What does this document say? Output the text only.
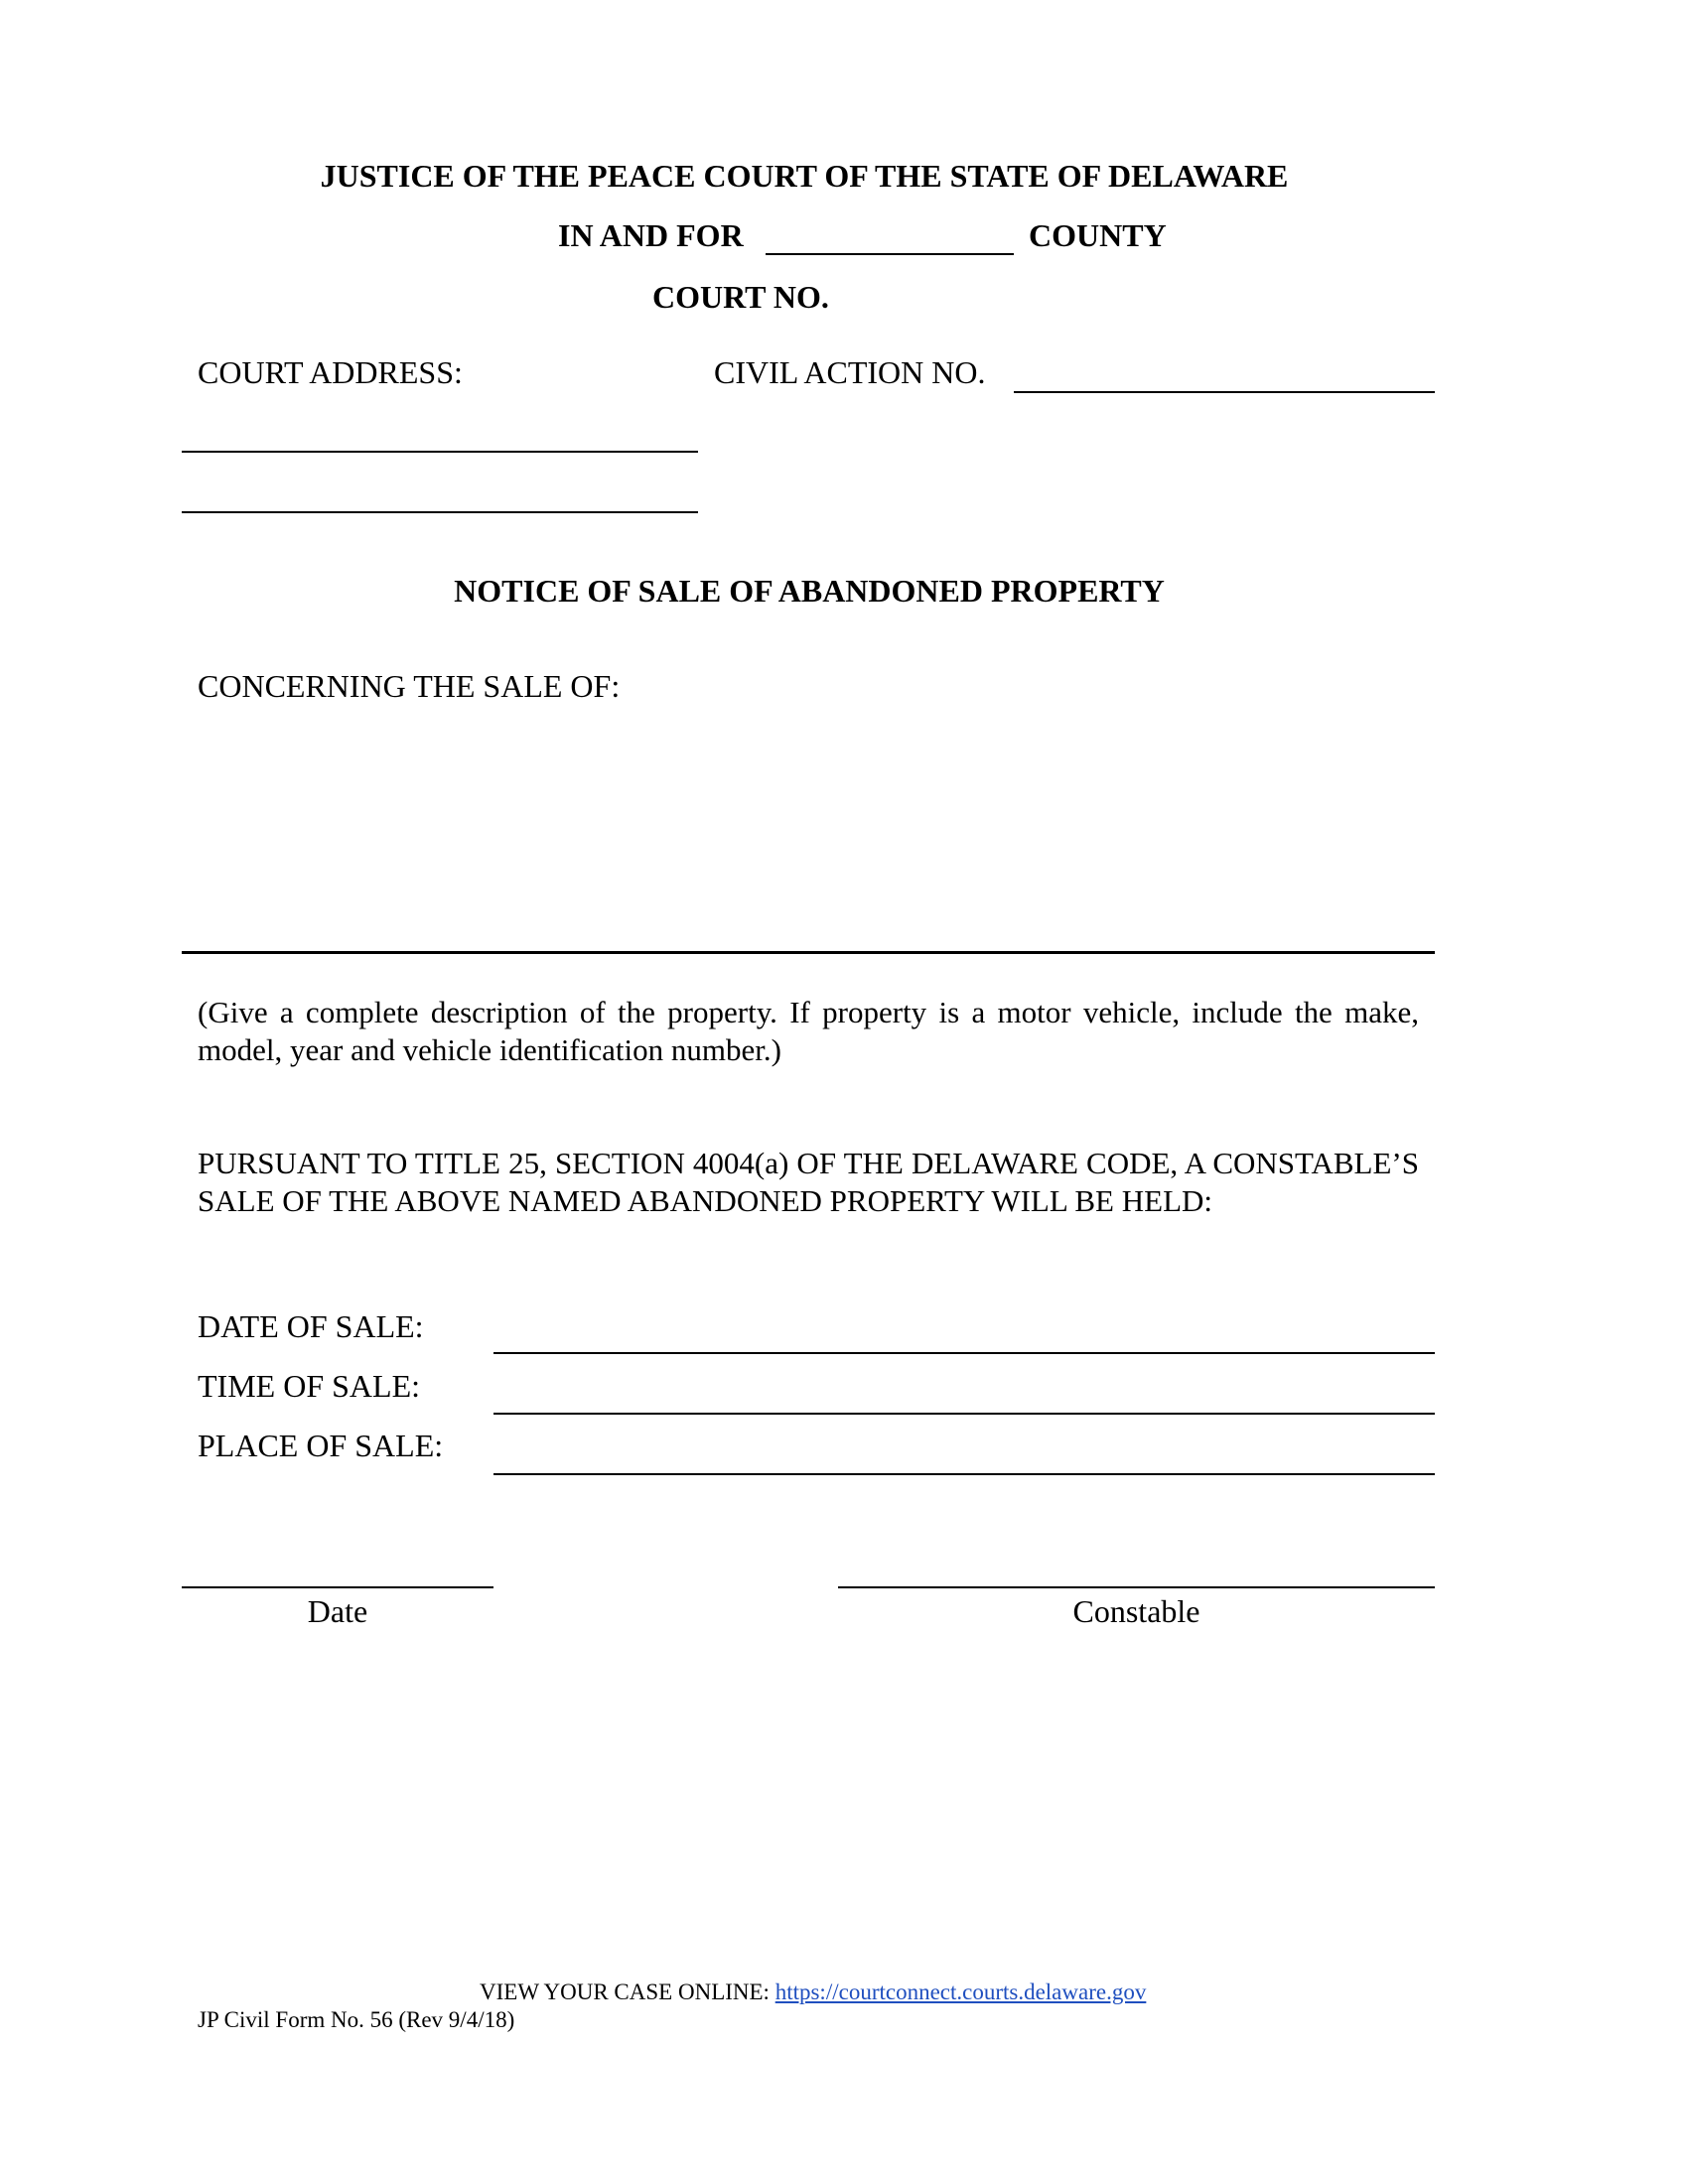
JUSTICE OF THE PEACE COURT OF THE STATE OF DELAWARE
IN AND FOR	COUNTY
COURT NO.
COURT ADDRESS:	CIVIL ACTION NO.
NOTICE OF SALE OF ABANDONED PROPERTY
CONCERNING THE SALE OF:
(Give a complete description of the property. If property is a motor vehicle, include the make, model, year and vehicle identification number.)
PURSUANT TO TITLE 25, SECTION 4004(a) OF THE DELAWARE CODE, A CONSTABLE’S SALE OF THE ABOVE NAMED ABANDONED PROPERTY WILL BE HELD:
DATE OF SALE:
TIME OF SALE:
PLACE OF SALE:
Date	Constable
VIEW YOUR CASE ONLINE: https://courtconnect.courts.delaware.gov
JP Civil Form No. 56 (Rev 9/4/18)
